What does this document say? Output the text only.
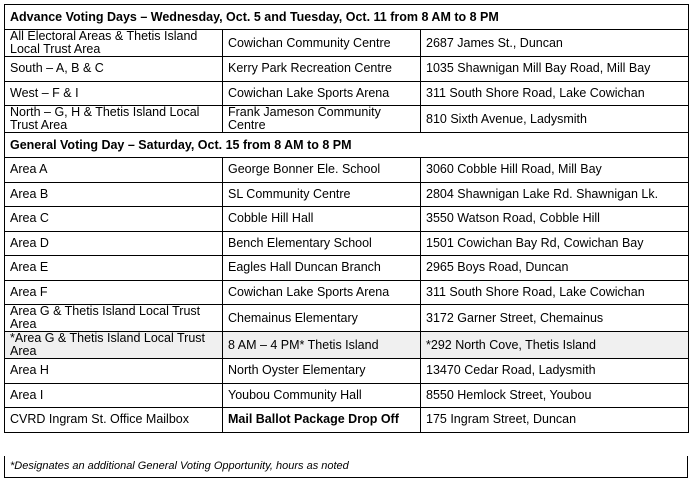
Advance Voting Days – Wednesday, Oct. 5 and Tuesday, Oct. 11 from 8 AM to 8 PM		
All Electoral Areas & Thetis Island Local Trust Area	Cowichan Community Centre	2687 James St., Duncan
South – A, B & C	Kerry Park Recreation Centre	1035 Shawnigan Mill Bay Road, Mill Bay
West – F & I	Cowichan Lake Sports Arena	311 South Shore Road, Lake Cowichan
North – G, H & Thetis Island Local Trust Area	Frank Jameson Community Centre	810 Sixth Avenue, Ladysmith
General Voting Day – Saturday, Oct. 15 from 8 AM to 8 PM		
Area A	George Bonner Ele. School	3060 Cobble Hill Road, Mill Bay
Area B	SL Community Centre	2804 Shawnigan Lake Rd. Shawnigan Lk.
Area C	Cobble Hill Hall	3550 Watson Road, Cobble Hill
Area D	Bench Elementary School	1501 Cowichan Bay Rd, Cowichan Bay
Area E	Eagles Hall Duncan Branch	2965 Boys Road, Duncan
Area F	Cowichan Lake Sports Arena	311 South Shore Road, Lake Cowichan
Area G & Thetis Island Local Trust Area	Chemainus Elementary	3172 Garner Street, Chemainus
*Area G & Thetis Island Local Trust Area	8 AM – 4 PM* Thetis Island	*292 North Cove, Thetis Island
Area H	North Oyster Elementary	13470 Cedar Road, Ladysmith
Area I	Youbou Community Hall	8550 Hemlock Street, Youbou
CVRD Ingram St. Office Mailbox	Mail Ballot Package Drop Off	175 Ingram Street, Duncan
*Designates an additional General Voting Opportunity, hours as noted
